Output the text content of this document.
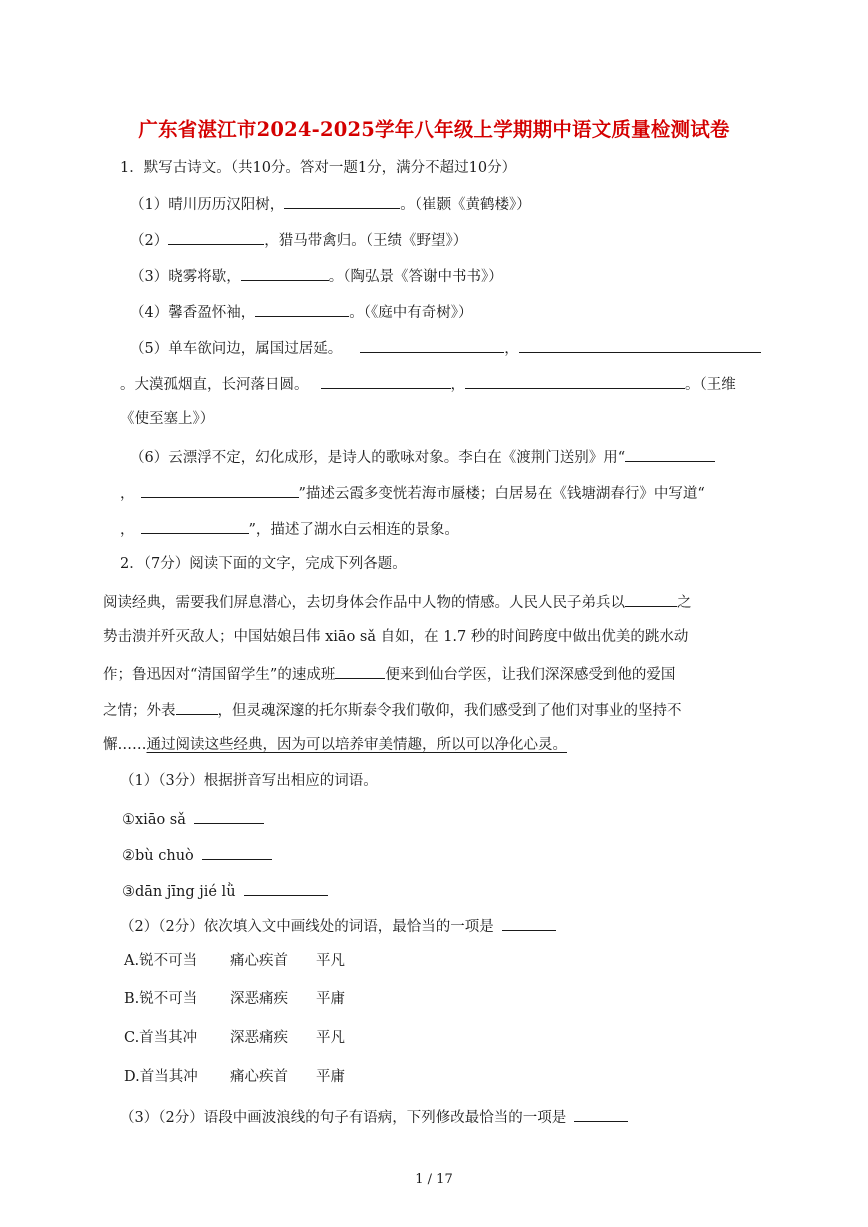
广东省湛江市2024-2025学年八年级上学期期中语文质量检测试卷
1．默写古诗文。（共10分。答对一题1分，满分不超过10分）
（1）晴川历历汉阳树，	。（崔颢《黄鹤楼》）
（2）	，猎马带禽归。（王绩《野望》）
（3）晓雾将歇，	。（陶弘景《答谢中书书》）
（4）馨香盈怀袖，	。（《庭中有奇树》）
（5）单车欲问边，属国过居延。	，
。大漠孤烟直，长河落日圆。	，	。（王维
《使至塞上》）
（6）云漂浮不定，幻化成形，是诗人的歌咏对象。李白在《渡荆门送别》用“
，	”描述云霞多变恍若海市蜃楼；白居易在《钱塘湖春行》中写道“
，	”，描述了湖水白云相连的景象。
2．（7分）阅读下面的文字，完成下列各题。
阅读经典，需要我们屏息潜心，去切身体会作品中人物的情感。人民人民子弟兵以	之
势击溃并歼灭敌人；中国姑娘吕伟 xiāo sǎ 自如，在 1.7 秒的时间跨度中做出优美的跳水动
作；鲁迅因对“清国留学生”的速成班	便来到仙台学医，让我们深深感受到他的爱国
之情；外表	，但灵魂深邃的托尔斯泰令我们敬仰，我们感受到了他们对事业的坚持不
懈……通过阅读这些经典，因为可以培养审美情趣，所以可以净化心灵。
（1）（3分）根据拼音写出相应的词语。
①xiāo sǎ
②bù chuò
③dān jīng jié lǜ
（2）（2分）依次填入文中画线处的词语，最恰当的一项是
A.锐不可当 痛心疾首 平凡
B.锐不可当 深恶痛疾 平庸
C.首当其冲 深恶痛疾 平凡
D.首当其冲 痛心疾首 平庸
（3）（2分）语段中画波浪线的句子有语病，下列修改最恰当的一项是
1 / 17
